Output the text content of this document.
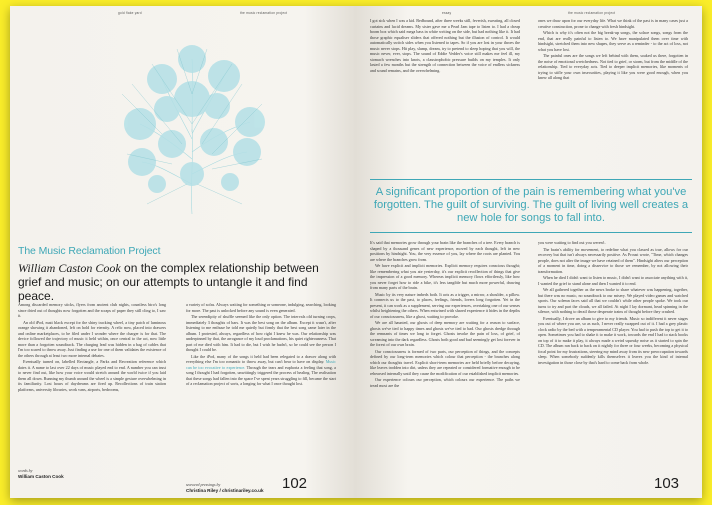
gold flake yard	the music reclamation project
The Music Reclamation Project
William Caston Cook on the complex relationship between grief and music; on our attempts to untangle it and find peace.

Among discarded memory sticks, flyers from ancient club nights, countless biro's long since dried out of thoughts now forgotten and the scraps of paper they still cling to, I saw it.

An old iPod, matt black except for the shiny tracking wheel, a tiny patch of luminous orange showing it abandoned, left on hold for eternity. A relic now, placed into drawers and online marketplaces, to be filed under I wonder where the charger is for that. The device followed the trajectory of music it held within, once central to the act, now little more than a forgotten soundtrack. The charging lead was hidden in a bag of cables that I'm too scared to throw away. Just finding a use for one of them validates the existence of the others through at least two more internal debates.

Eventually turned on, labelled Rectangle, a Parks and Recreation reference which dates it. A name to last over 22 days of music played end to end. A number you can trust to never find out, like how your voice would stretch around the world twice if you laid them all down. Running my thumb around the wheel is a simple gesture overwhelming in its familiarity. Lost hours of daydreams are fired up. Recollections of train station platforms, university libraries, work vans, airports, bedrooms,

a variety of sofas. Always waiting for something or someone, indulging, searching, looking for more. The past is unlocked before any sound is even generated.

The serendipity of shuffle seemed like the only option. The intervals old turning crops, immediately 3 thoughts of bars. It was the best song on the album. Except it wasn't, after listening to me enthuse he told me quietly but firmly that the best song came later in the album. I protested, always, regardless of how right I knew he was. Our relationship was underpinned by that, the arrogance of my loud proclamations, his quiet righteousness. That part of me died with him. It had to die, but I wish he hadn't, so he could see the person I thought I could be.

Like the iPod, many of the songs it held had been relegated to a drawer along with everything else I'm too romantic to throw away, but can't bear to have on display. Music can be too evocative to experience. Through the tears and euphoria a feeling that song, a song I thought I had forgotten, unwittingly triggered the process of healing. The realisation that these songs had fallen into the space I've spent years struggling to fill, became the start of a reclamation project of sorts, a longing for what I once thought lost.

words by
William Caston Cook
seaweed pressings by
Christina Riley / christinariley.co.uk 102
essay	the music reclamation project

I got sick when I was a kid. Bedbound, after three weeks still, feverish, sweating, all closed curtains and lucid dreams. My sister gave me a Pearl Jam tape to listen to. I had a cheap boom box which said mega bass in white writing on the side, but had nothing like it. It had those graphic equaliser sliders that offered nothing but the illusion of control. It would automatically switch sides when you listened to tapes. So if you are lost in your throes the music never stops. Hit play, slump, dream, try to pretend to sleep hoping that you will, the music never, ever, stops. The sound of Eddie Vedder's voice still makes me feel ill, my stomach wrenches into knots, a claustrophobic pressure builds on my temples. It only lasted a few months but the strength of connection between the voice of endless sickness and sound remains, and the overwhelming.

ones we draw upon for our everyday life. What we think of the past is in many cases just a creative construction, prone to change with fresh hindsight.

Which is why it's often not the big break-up songs, the solace songs, songs from the end, that are really painful to listen to. We have manipulated them over time with hindsight, stretched them into new shapes, they serve as a reminder - to the act of loss, not what you have lost.

The painful ones are the songs we left behind with them, soaked us there, forgotten in the noise of emotional wretchedness. Not tied to grief, or storm, but from the middle of the relationship. Tied to everyday acts. Tied to deeper implicit memories, like moments of trying to stifle your own insecurities, playing it like you were good enough, when you knew all along that

A significant proportion of the pain is remembering what you've forgotten. The guilt of surviving. The guilt of living well creates a new hole for songs to fall into.

It's said that memories grow through your brain like the branches of a tree. Every branch is shaped by a thousand genes of new experience, moved by each thought, left in new positions by hindsight. You, the very essence of you, lay where the roots are planted. You are where the branches grow from.

We have explicit and implicit memories. Explicit memory requires conscious thought; like remembering what you ate yesterday, it's our explicit recollection of things that give the impression of a good memory. Whereas implicit memory flows effortlessly, like how you never forget how to ride a bike, it's less tangible but much more powerful, drawing from many parts of the brain.

Music by its very nature imbeds both. It acts as a trigger, a mirror, a shoulder, a pillow. It connects us to the past, to places, feelings, friends, lovers long forgotten. Yet in the present, it can work as a supplement, serving our experiences, overtaking one of our senses whilst heightening the others. When entwined with shared experience it hides in the depths of our consciousness, like a ghost, waiting to provoke.

We are all haunted, our ghosts of deep memory are waiting for a reason to surface, ghosts we've tied to happy times and ghosts we've tied to bad. Our ghosts dredge through the remnants of times we long to forget. Ghosts invoke the pain of loss, of grief, of screaming into the dark regardless. Ghosts both good and bad seemingly get lost forever in the forest of our own brain.

Our consciousness is formed of two parts, our perception of things, and the concepts defined by our long-term memories which colour that perception - the branches along which our thoughts travel. Explicit short-term memories are held briefly before decaying, like leaves trodden into dirt, unless they are repeated or considered formative enough to be rehearsed internally until they cause the modification of our established implicit memories.

Our experience colours our perception, which colours our experience. The paths we tread most are the

you were waiting to find out you weren't.

The brain's ability for movement, to redefine what you classed as true, allows for our recovery but that isn't always necessarily positive. As Proust wrote, "Time, which changes people, does not alter the image we have retained of them". Hindsight alters our perception of a moment in time, doing a disservice to those we remember, by not allowing their transformation.

When he died I didn't want to listen to music, I didn't want to associate anything with it, I wanted the grief to stand alone and then I wanted it to end.

We all gathered together as the news broke to share whatever was happening, together, but there was no music, no soundtrack to our misery. We played video games and watched sports. Our solemn faces said all that we couldn't while other people spoke. We took our turns to try and part the clouds, we all failed. At night I lay dormant, head spinning in the silence, with nothing to derail those desperate trains of thought before they crashed.

Eventually, I drove an album to give to my friends. Music so indifferent it never stages you out of where you are, so as such, I never really swapped out of it. I had a grey plastic clock radio by the bed with a temperamental CD player. You had to push the top to get it to open. Sometimes you had to shake it to make it work, towards the end I had to stack books on top of it to make it play, it always made a weird squeaky noise as it started to spin the CD. The album ran back to back on it nightly for three or four weeks, becoming a physical focal point for my frustrations, steering my mind away from its new preoccupation towards sleep. When somebody suddenly kills themselves it leaves you the kind of internal investigation in those close by that's hard to come back from whole.

103
